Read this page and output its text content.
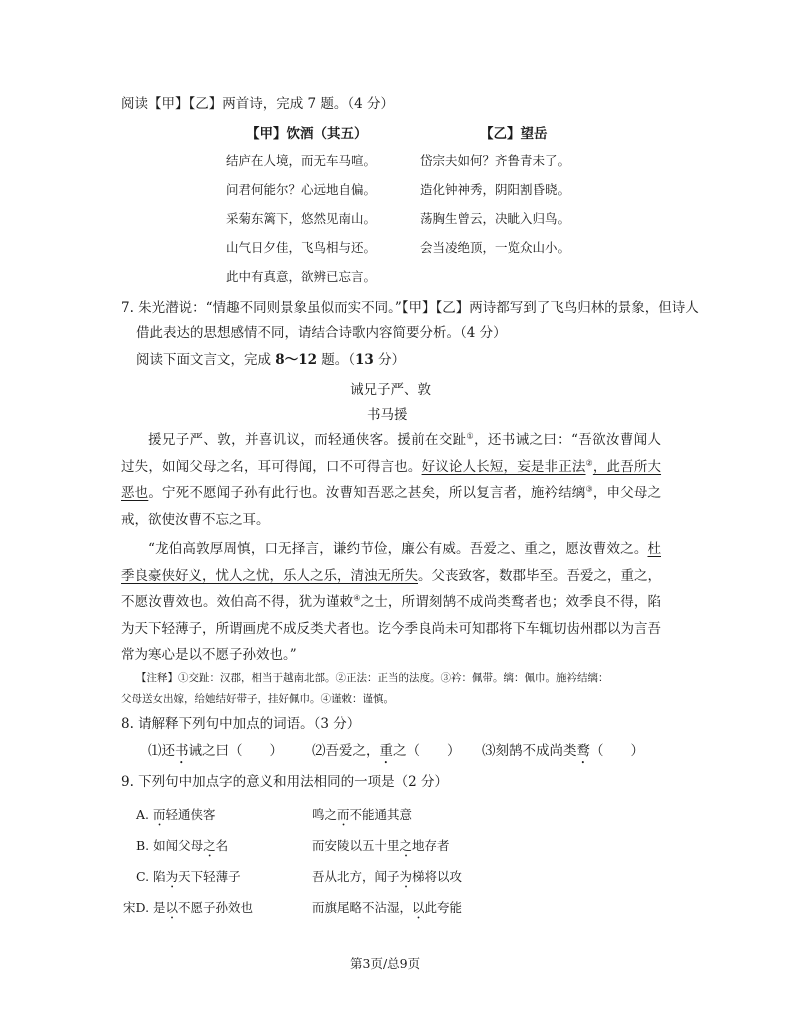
阅读【甲】【乙】两首诗，完成 7 题。（4 分）
【甲】饮酒（其五）
结庐在人境，而无车马喧。
问君何能尔？心远地自偏。
采菊东篱下，悠然见南山。
山气日夕佳，飞鸟相与还。
此中有真意，欲辨已忘言。
【乙】望岳
岱宗夫如何？齐鲁青未了。
造化钟神秀，阴阳割昏晓。
荡胸生曾云，决眦入归鸟。
会当凌绝顶，一览众山小。
7. 朱光潜说：“情趣不同则景象虽似而实不同。”【甲】【乙】两诗都写到了飞鸟归林的景象，但诗人
借此表达的思想感情不同，请结合诗歌内容简要分析。（4 分）
阅读下面文言文，完成 8～12 题。（13 分）
诫兄子严、敦
书马援
援兄子严、敦，并喜讥议，而轻通侠客。援前在交趾①，还书诫之曰：“吾欲汝曹闻人过失，如闻父母之名，耳可得闻，口不可得言也。好议论人长短，妄是非正法②，此吾所大恶也。宁死不愿闻子孙有此行也。汝曹知吾恶之甚矣，所以复言者，施衿结缡③，申父母之戒，欲使汝曹不忘之耳。
“龙伯高敦厚周慎，口无择言，谦约节俭，廉公有威。吾爱之、重之，愿汝曹效之。杜季良豪侠好义，忧人之忧，乐人之乐，清浊无所失。父丧致客，数郡毕至。吾爱之，重之，不愿汝曹效也。效伯高不得，犹为谨敕④之士，所谓刻鹄不成尚类鹜者也；效季良不得，陷为天下轻薄子，所谓画虎不成反类犬者也。讫今季良尚未可知郡将下车辄切齿州郡以为言吾常为寒心是以不愿子孙效也。”
【注释】①交趾：汉郡，相当于越南北部。②正法：正当的法度。③衿：佩带。缡：佩巾。施衿结缡：
父母送女出嫁，给她结好带子，挂好佩巾。④谨敕：谨慎。
8. 请解释下列句中加点的词语。（3 分）
⑴还书诫之曰（　　） ⑵吾爱之，重之（　　） ⑶刻鹄不成尚类鹜（　　）
9. 下列句中加点字的意义和用法相同的一项是（2 分）
A. 而轻通侠客	鸣之而不能通其意
B. 如闻父母之名	而安陵以五十里之地存者
C. 陷为天下轻薄子	吾从北方，闻子为梯将以攻
宋D. 是以不愿子孙效也	而旗尾略不沾湿，以此夸能
第3页/总9页
